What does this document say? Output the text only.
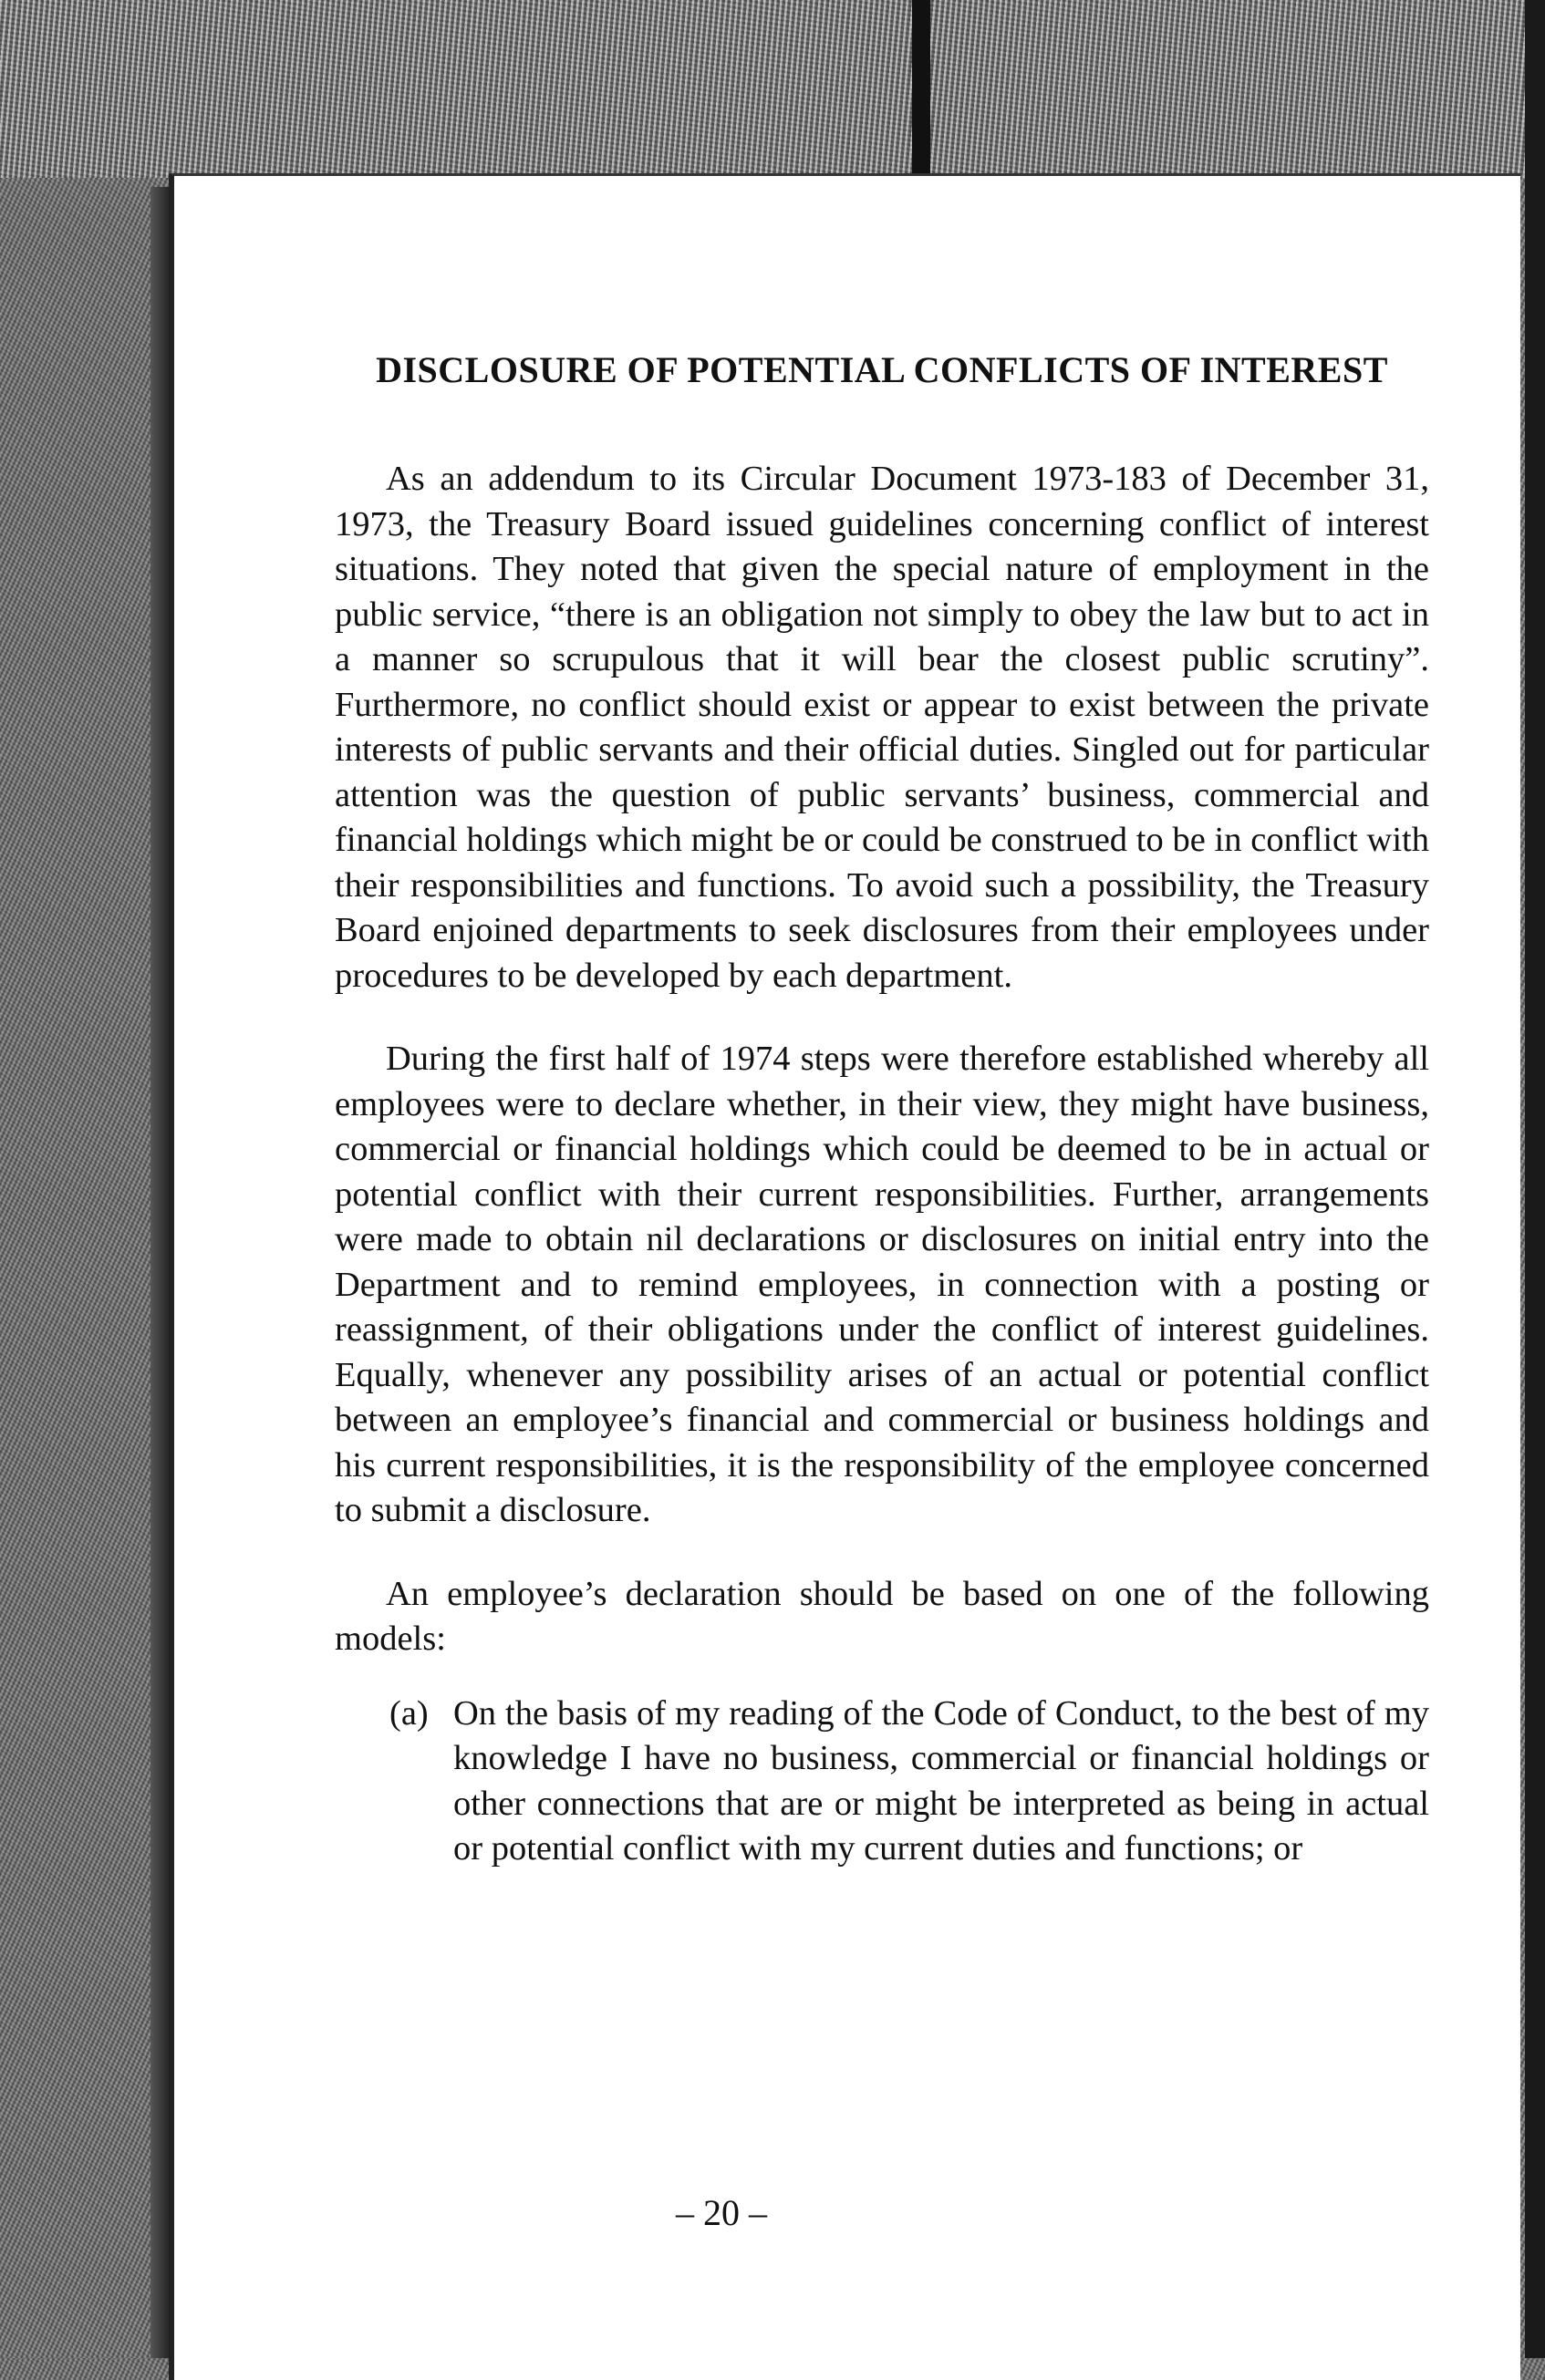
DISCLOSURE OF POTENTIAL CONFLICTS OF INTEREST

As an addendum to its Circular Document 1973-183 of December 31, 1973, the Treasury Board issued guidelines concerning conflict of interest situations. They noted that given the special nature of employment in the public service, “there is an obligation not simply to obey the law but to act in a manner so scrupulous that it will bear the closest public scrutiny”. Furthermore, no conflict should exist or appear to exist between the private interests of public servants and their official duties. Singled out for particular attention was the question of public servants’ business, commercial and financial holdings which might be or could be construed to be in conflict with their responsibilities and functions. To avoid such a possibility, the Treasury Board enjoined departments to seek disclosures from their employees under procedures to be developed by each department.

During the first half of 1974 steps were therefore established whereby all employees were to declare whether, in their view, they might have business, commercial or financial holdings which could be deemed to be in actual or potential conflict with their current responsibilities. Further, arrangements were made to obtain nil declarations or disclosures on initial entry into the Department and to remind employees, in connection with a posting or reassignment, of their obligations under the conflict of interest guidelines. Equally, whenever any possibility arises of an actual or potential conflict between an employee’s financial and commercial or business holdings and his current responsibilities, it is the responsibility of the employee concerned to submit a disclosure.

An employee’s declaration should be based on one of the following models:

(a) On the basis of my reading of the Code of Conduct, to the best of my knowledge I have no business, commercial or financial holdings or other connections that are or might be interpreted as being in actual or potential conflict with my current duties and functions; or
– 20 –
